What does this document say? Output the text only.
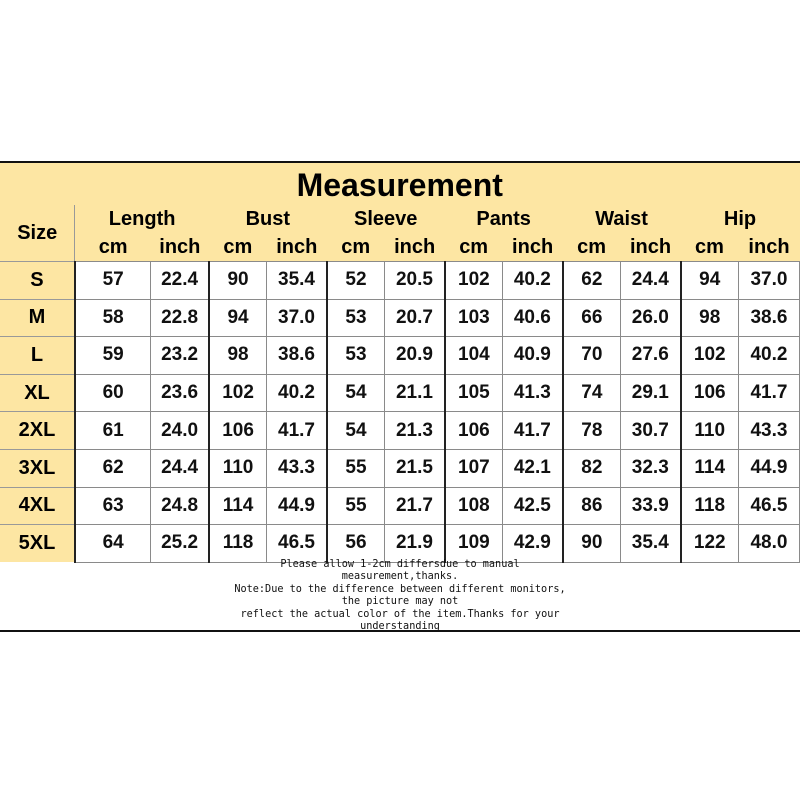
Measurement												
Size	Length		Bust		Sleeve		Pants		Waist		Hip	
	cm	inch	cm	inch	cm	inch	cm	inch	cm	inch	cm	inch
S	57	22.4	90	35.4	52	20.5	102	40.2	62	24.4	94	37.0
M	58	22.8	94	37.0	53	20.7	103	40.6	66	26.0	98	38.6
L	59	23.2	98	38.6	53	20.9	104	40.9	70	27.6	102	40.2
XL	60	23.6	102	40.2	54	21.1	105	41.3	74	29.1	106	41.7
2XL	61	24.0	106	41.7	54	21.3	106	41.7	78	30.7	110	43.3
3XL	62	24.4	110	43.3	55	21.5	107	42.1	82	32.3	114	44.9
4XL	63	24.8	114	44.9	55	21.7	108	42.5	86	33.9	118	46.5
5XL	64	25.2	118	46.5	56	21.9	109	42.9	90	35.4	122	48.0
Please allow 1-2cm differsdue to manual
measurement,thanks.
Note:Due to the difference between different monitors,
the picture may not
reflect the actual color of the item.Thanks for your
understanding
